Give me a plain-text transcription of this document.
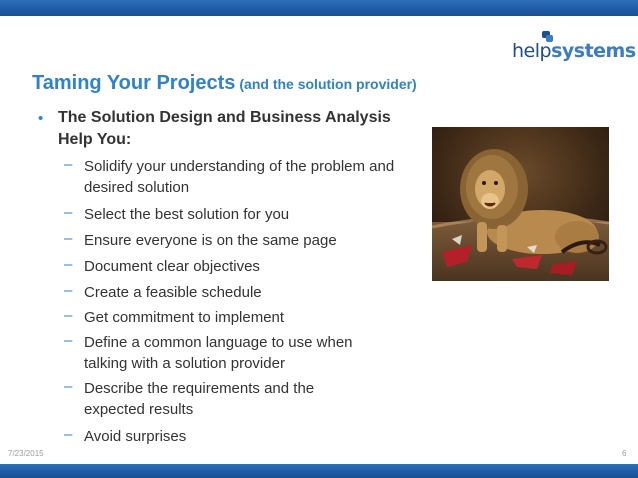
helpsystems
Taming Your Projects (and the solution provider)
• The Solution Design and Business Analysis Help You:
– Solidify your understanding of the problem and desired solution
– Select the best solution for you
– Ensure everyone is on the same page
– Document clear objectives
– Create a feasible schedule
– Get commitment to implement
– Define a common language to use when talking with a solution provider
– Describe the requirements and the expected results
– Avoid surprises
7/23/2015	6
